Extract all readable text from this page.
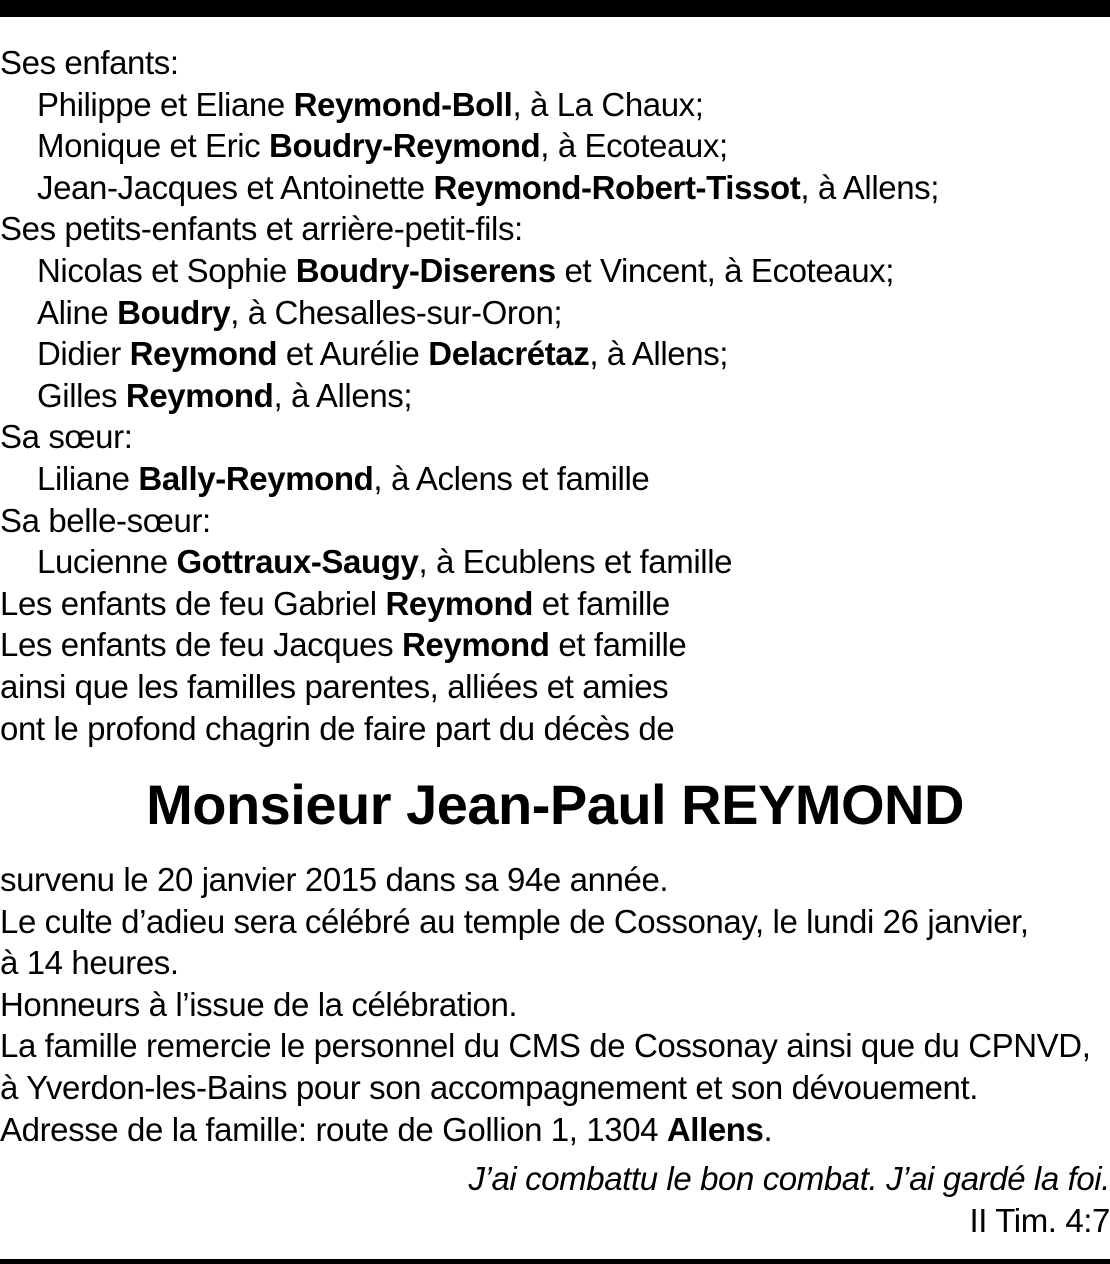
Ses enfants:
Philippe et Eliane Reymond-Boll, à La Chaux;
Monique et Eric Boudry-Reymond, à Ecoteaux;
Jean-Jacques et Antoinette Reymond-Robert-Tissot, à Allens;
Ses petits-enfants et arrière-petit-fils:
Nicolas et Sophie Boudry-Diserens et Vincent, à Ecoteaux;
Aline Boudry, à Chesalles-sur-Oron;
Didier Reymond et Aurélie Delacrétaz, à Allens;
Gilles Reymond, à Allens;
Sa sœur:
Liliane Bally-Reymond, à Aclens et famille
Sa belle-sœur:
Lucienne Gottraux-Saugy, à Ecublens et famille
Les enfants de feu Gabriel Reymond et famille
Les enfants de feu Jacques Reymond et famille
ainsi que les familles parentes, alliées et amies
ont le profond chagrin de faire part du décès de
Monsieur Jean-Paul REYMOND
survenu le 20 janvier 2015 dans sa 94e année.
Le culte d’adieu sera célébré au temple de Cossonay, le lundi 26 janvier,
à 14 heures.
Honneurs à l’issue de la célébration.
La famille remercie le personnel du CMS de Cossonay ainsi que du CPNVD,
à Yverdon-les-Bains pour son accompagnement et son dévouement.
Adresse de la famille: route de Gollion 1, 1304 Allens.
J’ai combattu le bon combat. J’ai gardé la foi.
II Tim. 4:7
